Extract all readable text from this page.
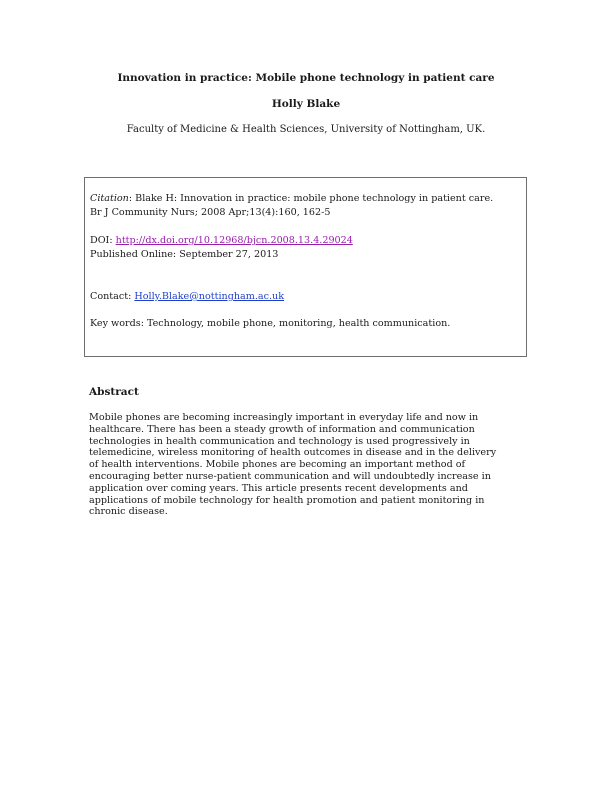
Innovation in practice: Mobile phone technology in patient care
Holly Blake
Faculty of Medicine & Health Sciences, University of Nottingham, UK.
Citation: Blake H: Innovation in practice: mobile phone technology in patient care.
Br J Community Nurs; 2008 Apr;13(4):160, 162-5
DOI: http://dx.doi.org/10.12968/bjcn.2008.13.4.29024
Published Online: September 27, 2013
Contact: Holly.Blake@nottingham.ac.uk
Key words: Technology, mobile phone, monitoring, health communication.
Abstract
Mobile phones are becoming increasingly important in everyday life and now in
healthcare. There has been a steady growth of information and communication
technologies in health communication and technology is used progressively in
telemedicine, wireless monitoring of health outcomes in disease and in the delivery
of health interventions. Mobile phones are becoming an important method of
encouraging better nurse-patient communication and will undoubtedly increase in
application over coming years. This article presents recent developments and
applications of mobile technology for health promotion and patient monitoring in
chronic disease.
